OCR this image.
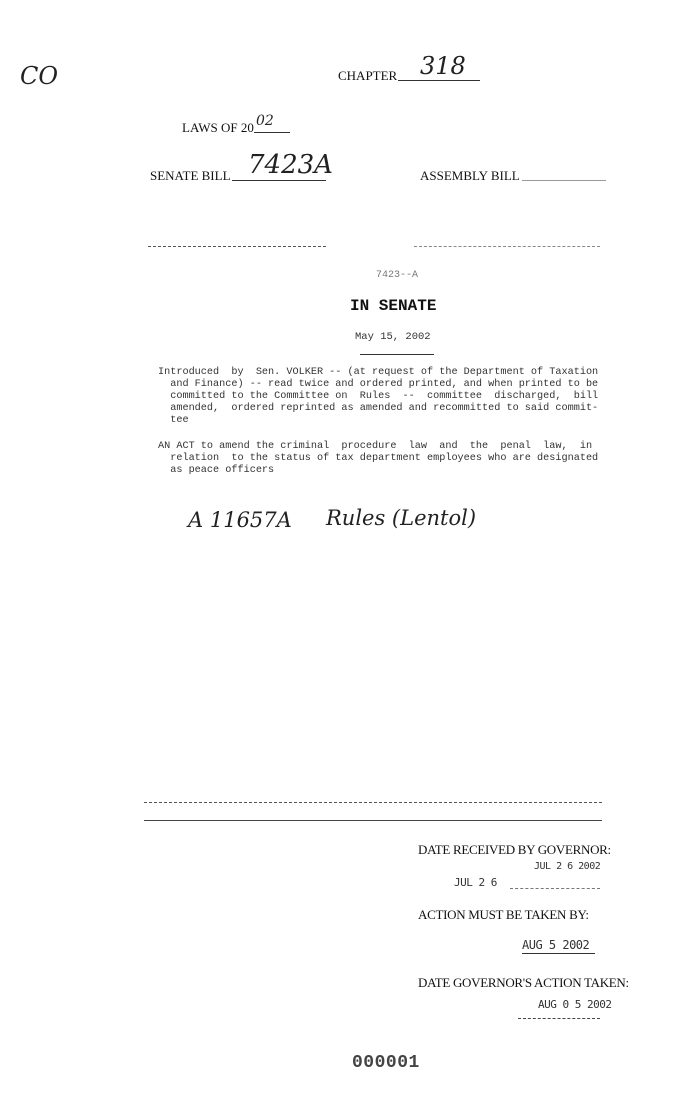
CO	CHAPTER 318
LAWS OF 20 02
SENATE BILL 7423A	ASSEMBLY BILL
7423--A
IN SENATE
May 15, 2002
Introduced  by  Sen. VOLKER -- (at request of the Department of Taxation
and Finance) -- read twice and ordered printed, and when printed to be
committed to the Committee on  Rules  --  committee  discharged,  bill
amended,  ordered reprinted as amended and recommitted to said commit-
tee
AN ACT to amend the criminal  procedure  law  and  the  penal  law,  in
relation  to the status of tax department employees who are designated
as peace officers
A 11657A Rules (Lentol)
DATE RECEIVED BY GOVERNOR:
JUL 2 6 2002
JUL 2 6
ACTION MUST BE TAKEN BY:
AUG 5 2002
DATE GOVERNOR'S ACTION TAKEN:
AUG 0 5 2002
000001
